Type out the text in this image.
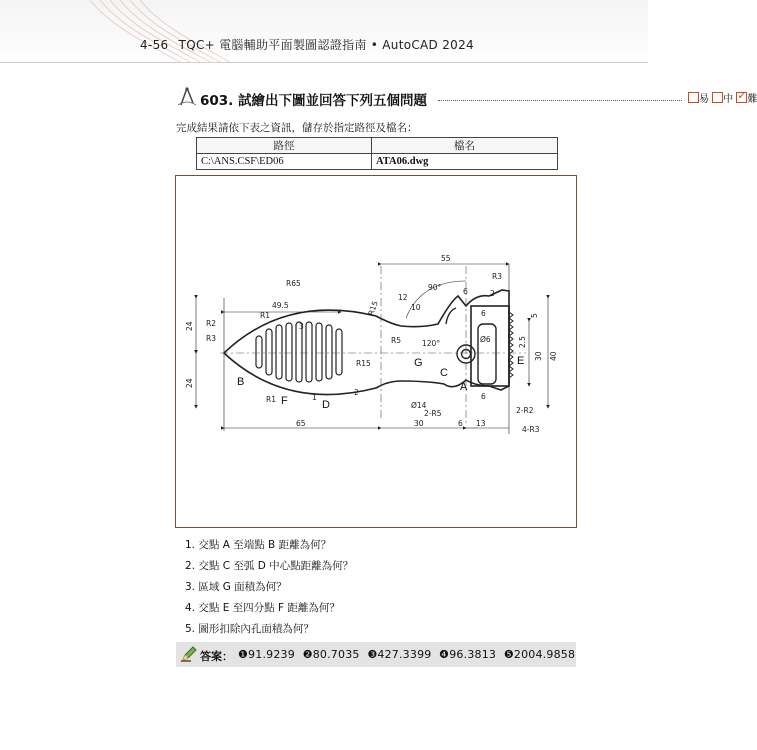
4-56 TQC+ 電腦輔助平面製圖認證指南 • AutoCAD 2024
603. 試繪出下圖並回答下列五個問題	易 中 ✓ 難
完成結果請依下表之資訊，儲存於指定路徑及檔名：
路徑	檔名
C:\ANS.CSF\ED06	ATA06.dwg
55
R3
90°	6	2
12
10
R15
R65
49.5
R1
R2
R3
24
24
3
6
R5	120°	Ø6
5
2.5
30 40
R15
R1	1
2	6
Ø14
2-R5	2-R2
4-R3
65	30	6 13
A
B
C
D
E
F
G
1. 交點 A 至端點 B 距離為何？
2. 交點 C 至弧 D 中心點距離為何？
3. 區域 G 面積為何？
4. 交點 E 至四分點 F 距離為何？
5. 圖形扣除內孔面積為何？
答案： ❶91.9239 ❷80.7035 ❸427.3399 ❹96.3813 ❺2004.9858
